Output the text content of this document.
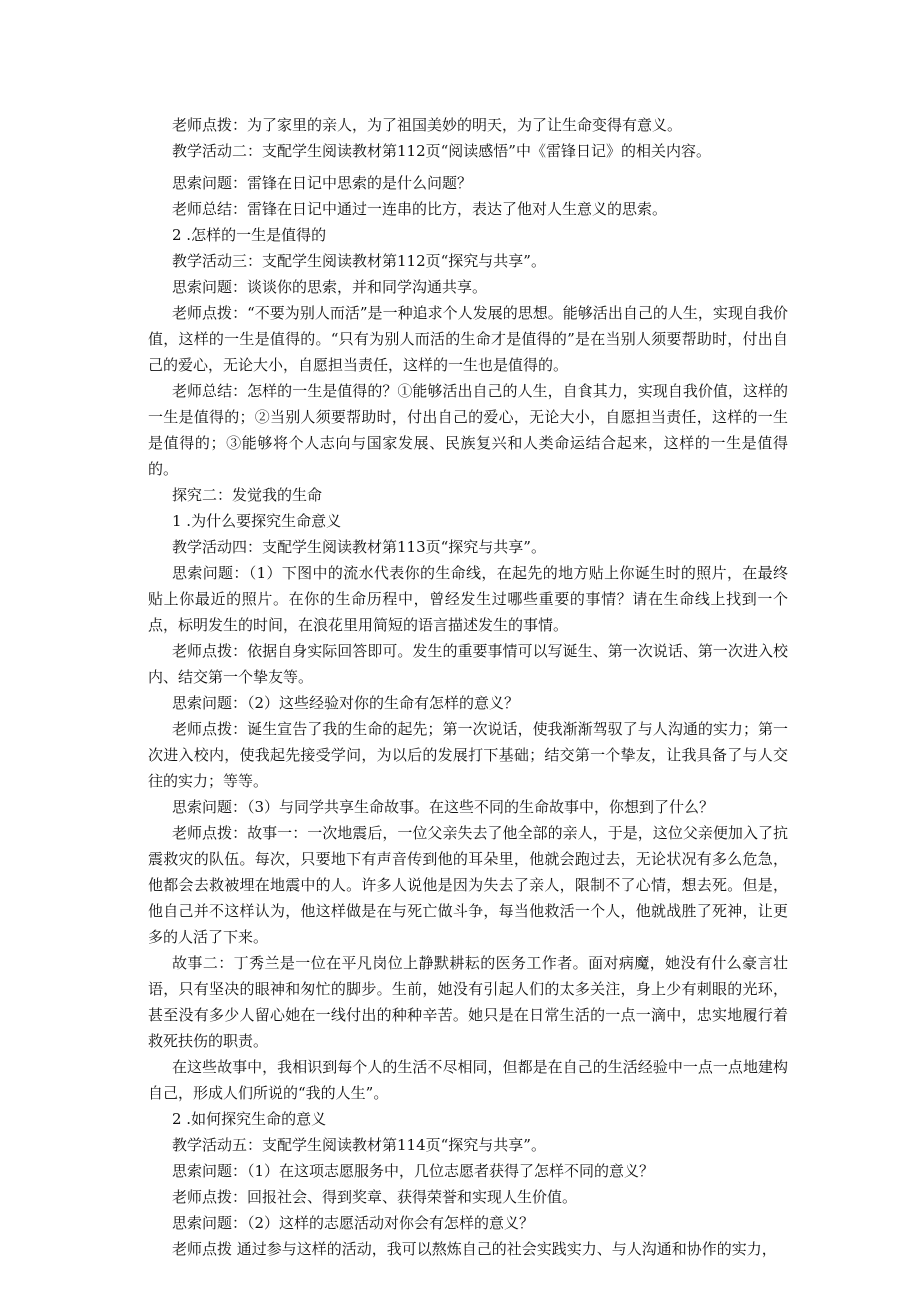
老师点拨：为了家里的亲人，为了祖国美妙的明天，为了让生命变得有意义。

教学活动二：支配学生阅读教材第112页“阅读感悟”中《雷锋日记》的相关内容。

思索问题：雷锋在日记中思索的是什么问题？

老师总结：雷锋在日记中通过一连串的比方，表达了他对人生意义的思索。

2 .怎样的一生是值得的

教学活动三：支配学生阅读教材第112页“探究与共享”。

思索问题：谈谈你的思索，并和同学沟通共享。

老师点拨：“不要为别人而活”是一种追求个人发展的思想。能够活出自己的人生，实现自我价值，这样的一生是值得的。“只有为别人而活的生命才是值得的”是在当别人须要帮助时，付出自己的爱心，无论大小，自愿担当责任，这样的一生也是值得的。

老师总结：怎样的一生是值得的？①能够活出自己的人生，自食其力，实现自我价值，这样的一生是值得的；②当别人须要帮助时，付出自己的爱心，无论大小，自愿担当责任，这样的一生是值得的；③能够将个人志向与国家发展、民族复兴和人类命运结合起来，这样的一生是值得的。

探究二：发觉我的生命

1 .为什么要探究生命意义

教学活动四：支配学生阅读教材第113页“探究与共享”。

思索问题：（1）下图中的流水代表你的生命线，在起先的地方贴上你诞生时的照片，在最终贴上你最近的照片。在你的生命历程中，曾经发生过哪些重要的事情？请在生命线上找到一个点，标明发生的时间，在浪花里用简短的语言描述发生的事情。

老师点拨：依据自身实际回答即可。发生的重要事情可以写诞生、第一次说话、第一次进入校内、结交第一个挚友等。

思索问题：（2）这些经验对你的生命有怎样的意义？

老师点拨：诞生宣告了我的生命的起先；第一次说话，使我渐渐驾驭了与人沟通的实力；第一次进入校内，使我起先接受学问，为以后的发展打下基础；结交第一个挚友，让我具备了与人交往的实力；等等。

思索问题：（3）与同学共享生命故事。在这些不同的生命故事中，你想到了什么？

老师点拨：故事一：一次地震后，一位父亲失去了他全部的亲人，于是，这位父亲便加入了抗震救灾的队伍。每次，只要地下有声音传到他的耳朵里，他就会跑过去，无论状况有多么危急，他都会去救被埋在地震中的人。许多人说他是因为失去了亲人，限制不了心情，想去死。但是，他自己并不这样认为，他这样做是在与死亡做斗争，每当他救活一个人，他就战胜了死神，让更多的人活了下来。

故事二：丁秀兰是一位在平凡岗位上静默耕耘的医务工作者。面对病魔，她没有什么豪言壮语，只有坚决的眼神和匆忙的脚步。生前，她没有引起人们的太多关注，身上少有刺眼的光环，甚至没有多少人留心她在一线付出的种种辛苦。她只是在日常生活的一点一滴中，忠实地履行着救死扶伤的职责。

在这些故事中，我相识到每个人的生活不尽相同，但都是在自己的生活经验中一点一点地建构自己，形成人们所说的“我的人生”。

2 .如何探究生命的意义

教学活动五：支配学生阅读教材第114页“探究与共享”。

思索问题：（1）在这项志愿服务中，几位志愿者获得了怎样不同的意义？

老师点拨：回报社会、得到奖章、获得荣誉和实现人生价值。

思索问题：（2）这样的志愿活动对你会有怎样的意义？

老师点拨 通过参与这样的活动，我可以熬炼自己的社会实践实力、与人沟通和协作的实力，
